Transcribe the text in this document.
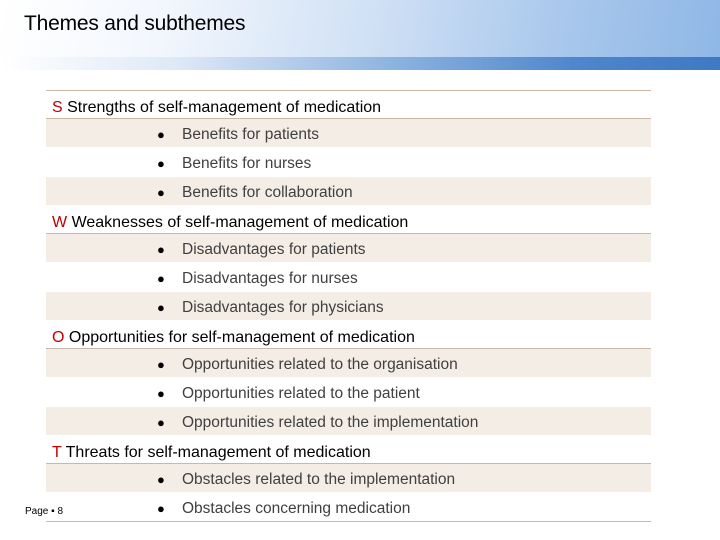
Themes and subthemes
S Strengths of self-management of medication
● Benefits for patients
● Benefits for nurses
● Benefits for collaboration
W Weaknesses of self-management of medication
● Disadvantages for patients
● Disadvantages for nurses
● Disadvantages for physicians
O Opportunities for self-management of medication
● Opportunities related to the organisation
● Opportunities related to the patient
● Opportunities related to the implementation
T Threats for self-management of medication
● Obstacles related to the implementation
● Obstacles concerning medication
Page ▪ 8
